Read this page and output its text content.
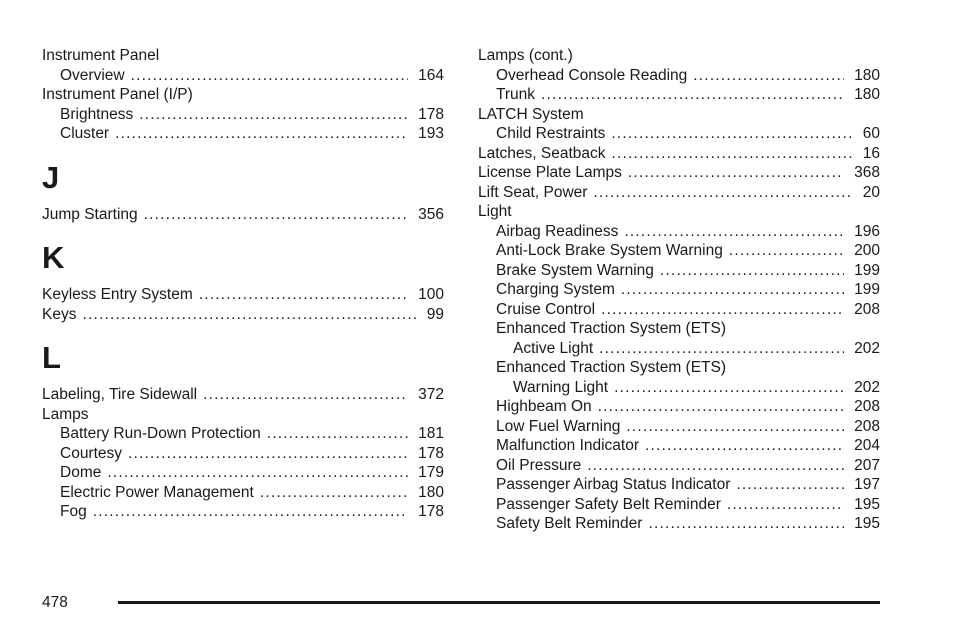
Instrument Panel
Overview .....	164
Instrument Panel (I/P)
Brightness .....	178
Cluster .....	193
J
Jump Starting .....	356
K
Keyless Entry System .....	100
Keys .....	99
L
Labeling, Tire Sidewall .....	372
Lamps
Battery Run-Down Protection .....	181
Courtesy .....	178
Dome .....	179
Electric Power Management .....	180
Fog .....	178
Lamps (cont.)
Overhead Console Reading .....	180
Trunk .....	180
LATCH System
Child Restraints .....	60
Latches, Seatback .....	16
License Plate Lamps .....	368
Lift Seat, Power .....	20
Light
Airbag Readiness .....	196
Anti-Lock Brake System Warning .....	200
Brake System Warning .....	199
Charging System .....	199
Cruise Control .....	208
Enhanced Traction System (ETS)
Active Light .....	202
Enhanced Traction System (ETS)
Warning Light .....	202
Highbeam On .....	208
Low Fuel Warning .....	208
Malfunction Indicator .....	204
Oil Pressure .....	207
Passenger Airbag Status Indicator .....	197
Passenger Safety Belt Reminder .....	195
Safety Belt Reminder .....	195
478
